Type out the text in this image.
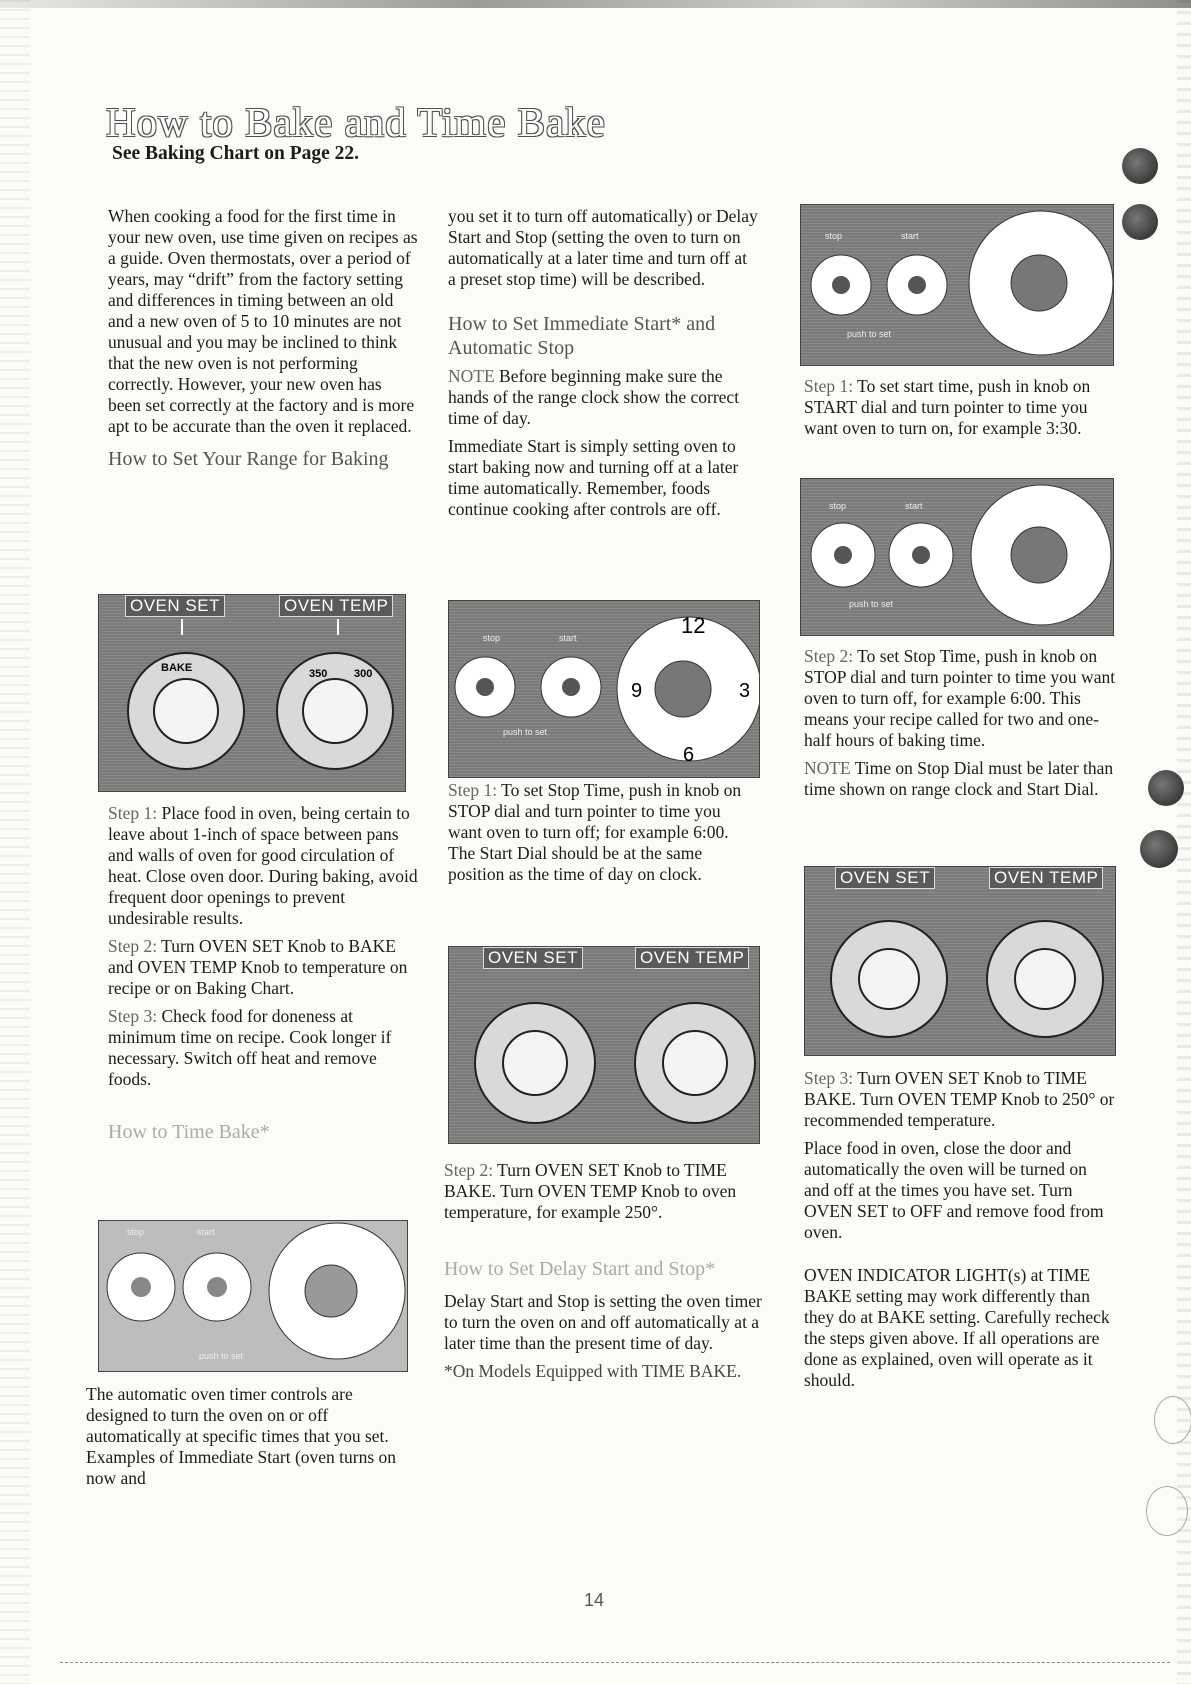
How to Bake and Time Bake
See Baking Chart on Page 22.

When cooking a food for the first time in your new oven, use time given on recipes as a guide. Oven thermostats, over a period of years, may “drift” from the factory setting and differences in timing between an old and a new oven of 5 to 10 minutes are not unusual and you may be inclined to think that the new oven is not performing correctly. However, your new oven has been set correctly at the factory and is more apt to be accurate than the oven it replaced.

How to Set Your Range for Baking
OVEN SET	OVEN TEMP
BAKE	300
350

Step 1: Place food in oven, being certain to leave about 1-inch of space between pans and walls of oven for good circulation of heat. Close oven door. During baking, avoid frequent door openings to prevent undesirable results.

Step 2: Turn OVEN SET Knob to BAKE and OVEN TEMP Knob to temperature on recipe or on Baking Chart.

Step 3: Check food for doneness at minimum time on recipe. Cook longer if necessary. Switch off heat and remove foods.

How to Time Bake*
stop	start
push to set
The automatic oven timer controls are designed to turn the oven on or off automatically at specific times that you set. Examples of Immediate Start (oven turns on now and

you set it to turn off automatically) or Delay Start and Stop (setting the oven to turn on automatically at a later time and turn off at a preset stop time) will be described.

How to Set Immediate Start* and Automatic Stop

NOTE Before beginning make sure the hands of the range clock show the correct time of day.

Immediate Start is simply setting oven to start baking now and turning off at a later time automatically. Remember, foods continue cooking after controls are off.

stop	start
push to set
12
9	3
6

Step 1: To set Stop Time, push in knob on STOP dial and turn pointer to time you want oven to turn off; for example 6:00. The Start Dial should be at the same position as the time of day on clock.

OVEN SET	OVEN TEMP

Step 2: Turn OVEN SET Knob to TIME BAKE. Turn OVEN TEMP Knob to oven temperature, for example 250°.

How to Set Delay Start and Stop*

Delay Start and Stop is setting the oven timer to turn the oven on and off automatically at a later time than the present time of day.

*On Models Equipped with TIME BAKE.

stop	start
push to set

Step 1: To set start time, push in knob on START dial and turn pointer to time you want oven to turn on, for example 3:30.

stop	start
push to set

Step 2: To set Stop Time, push in knob on STOP dial and turn pointer to time you want oven to turn off, for example 6:00. This means your recipe called for two and one-half hours of baking time.

NOTE Time on Stop Dial must be later than time shown on range clock and Start Dial.

OVEN SET	OVEN TEMP

Step 3: Turn OVEN SET Knob to TIME BAKE. Turn OVEN TEMP Knob to 250° or recommended temperature.

Place food in oven, close the door and automatically the oven will be turned on and off at the times you have set. Turn OVEN SET to OFF and remove food from oven.

OVEN INDICATOR LIGHT(s) at TIME BAKE setting may work differently than they do at BAKE setting. Carefully recheck the steps given above. If all operations are done as explained, oven will operate as it should.

14
